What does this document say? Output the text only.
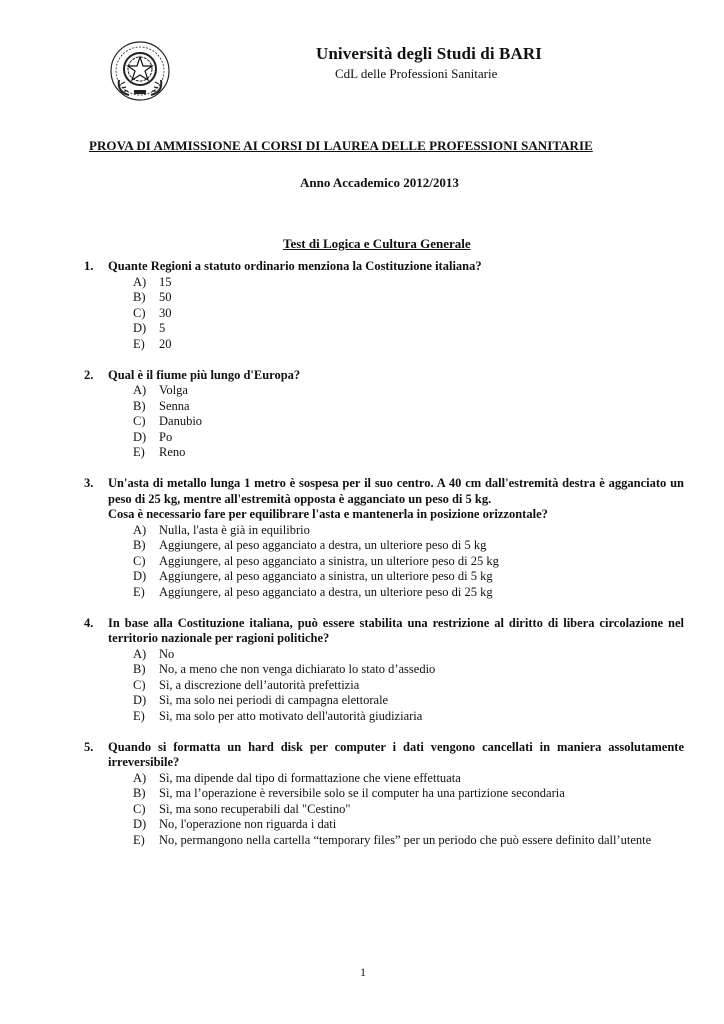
Università degli Studi di BARI
CdL delle Professioni Sanitarie
PROVA DI AMMISSIONE AI CORSI DI LAUREA DELLE PROFESSIONI SANITARIE
Anno Accademico 2012/2013
Test di Logica e Cultura Generale
1.	Quante Regioni a statuto ordinario menziona la Costituzione italiana?
A)	15
B)	50
C)	30
D)	5
E)	20
2.	Qual è il fiume più lungo d'Europa?
A)	Volga
B)	Senna
C)	Danubio
D)	Po
E)	Reno
3.	Un'asta di metallo lunga 1 metro è sospesa per il suo centro. A 40 cm dall'estremità destra è agganciato un peso di 25 kg, mentre all'estremità opposta è agganciato un peso di 5 kg.
Cosa è necessario fare per equilibrare l'asta e mantenerla in posizione orizzontale?
A)	Nulla, l'asta è già in equilibrio
B)	Aggiungere, al peso agganciato a destra, un ulteriore peso di 5 kg
C)	Aggiungere, al peso agganciato a sinistra, un ulteriore peso di 25 kg
D)	Aggiungere, al peso agganciato a sinistra, un ulteriore peso di 5 kg
E)	Aggiungere, al peso agganciato a destra, un ulteriore peso di 25 kg
4.	In base alla Costituzione italiana, può essere stabilita una restrizione al diritto di libera circolazione nel territorio nazionale per ragioni politiche?
A)	No
B)	No, a meno che non venga dichiarato lo stato d’assedio
C)	Sì, a discrezione dell’autorità prefettizia
D)	Sì, ma solo nei periodi di campagna elettorale
E)	Sì, ma solo per atto motivato dell'autorità giudiziaria
5.	Quando si formatta un hard disk per computer i dati vengono cancellati in maniera assolutamente irreversibile?
A)	Sì, ma dipende dal tipo di formattazione che viene effettuata
B)	Sì, ma l’operazione è reversibile solo se il computer ha una partizione secondaria
C)	Sì, ma sono recuperabili dal "Cestino"
D)	No, l'operazione non riguarda i dati
E)	No, permangono nella cartella “temporary files” per un periodo che può essere definito dall’utente
1
